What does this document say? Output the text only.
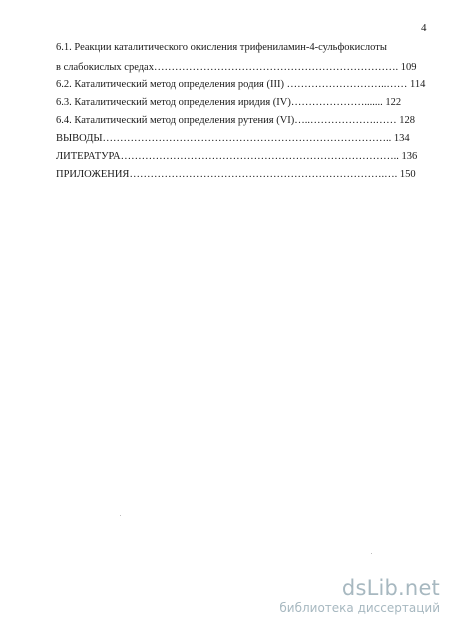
4
6.1. Реакции каталитического окисления трифениламин-4-сульфокислоты
в слабокислых средах……………………………………………………………. 109
6.2. Каталитический метод определения родия (III) ………………………..…… 114
6.3. Каталитический метод определения иридия (IV)…………………....... 122
6.4. Каталитический метод определения рутения (VI)…..……………….…… 128
ВЫВОДЫ……………………………………………………………………….. 134
ЛИТЕРАТУРА…………………………………………………………………….. 136
ПРИЛОЖЕНИЯ……………………………………………………………….…. 150
dsLib.net
библиотека диссертаций
